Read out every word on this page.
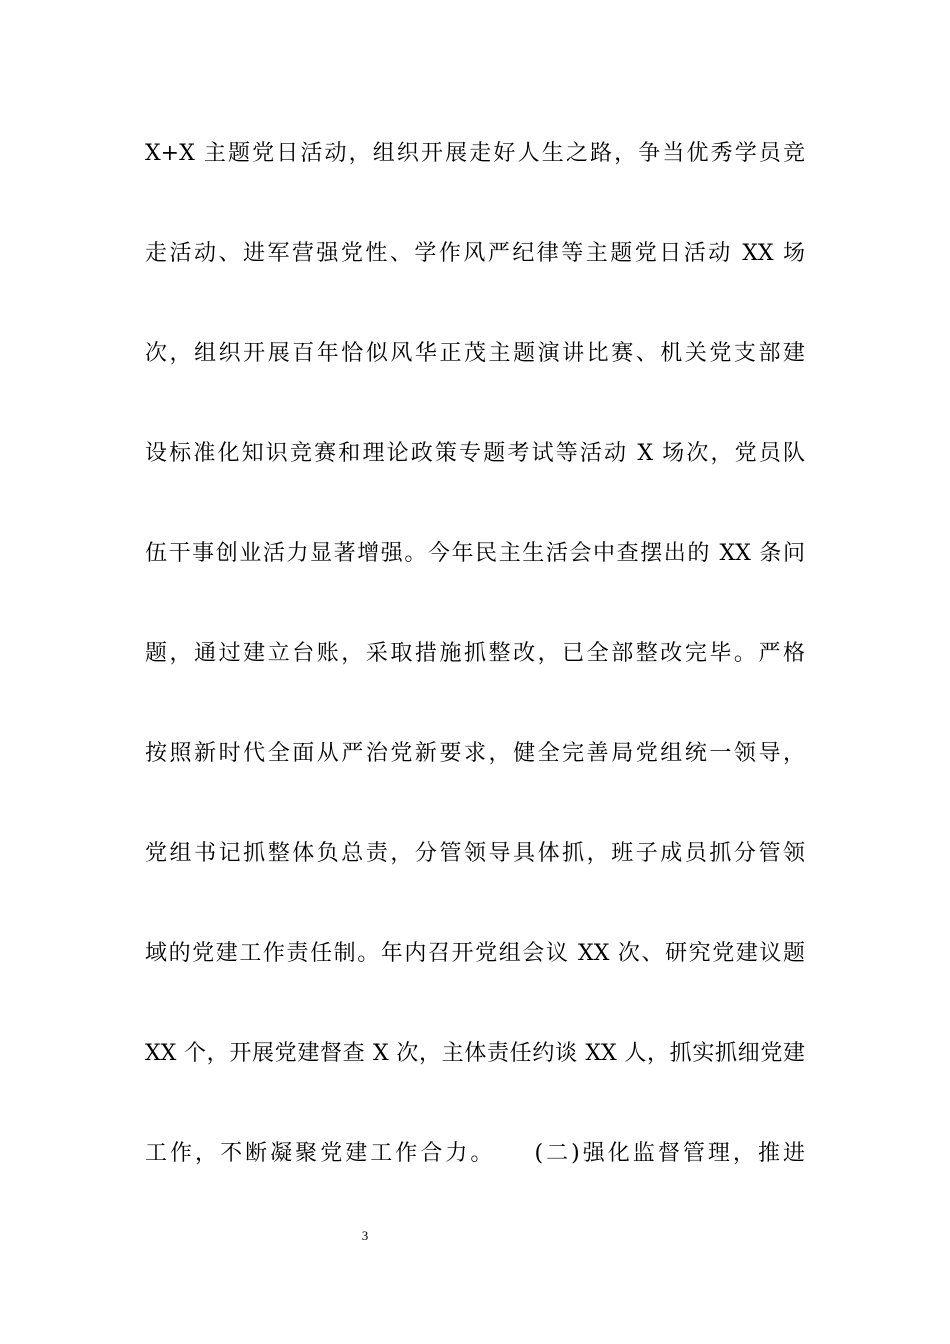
X+X 主题党日活动，组织开展走好人生之路，争当优秀学员竞
走活动、进军营强党性、学作风严纪律等主题党日活动 XX 场
次，组织开展百年恰似风华正茂主题演讲比赛、机关党支部建
设标准化知识竞赛和理论政策专题考试等活动 X 场次，党员队
伍干事创业活力显著增强。今年民主生活会中查摆出的 XX 条问
题，通过建立台账，采取措施抓整改，已全部整改完毕。严格
按照新时代全面从严治党新要求，健全完善局党组统一领导，
党组书记抓整体负总责，分管领导具体抓，班子成员抓分管领
域的党建工作责任制。年内召开党组会议 XX 次、研究党建议题
XX 个，开展党建督查 X 次，主体责任约谈 XX 人，抓实抓细党建
工作，不断凝聚党建工作合力。　　(二)强化监督管理，推进
3
